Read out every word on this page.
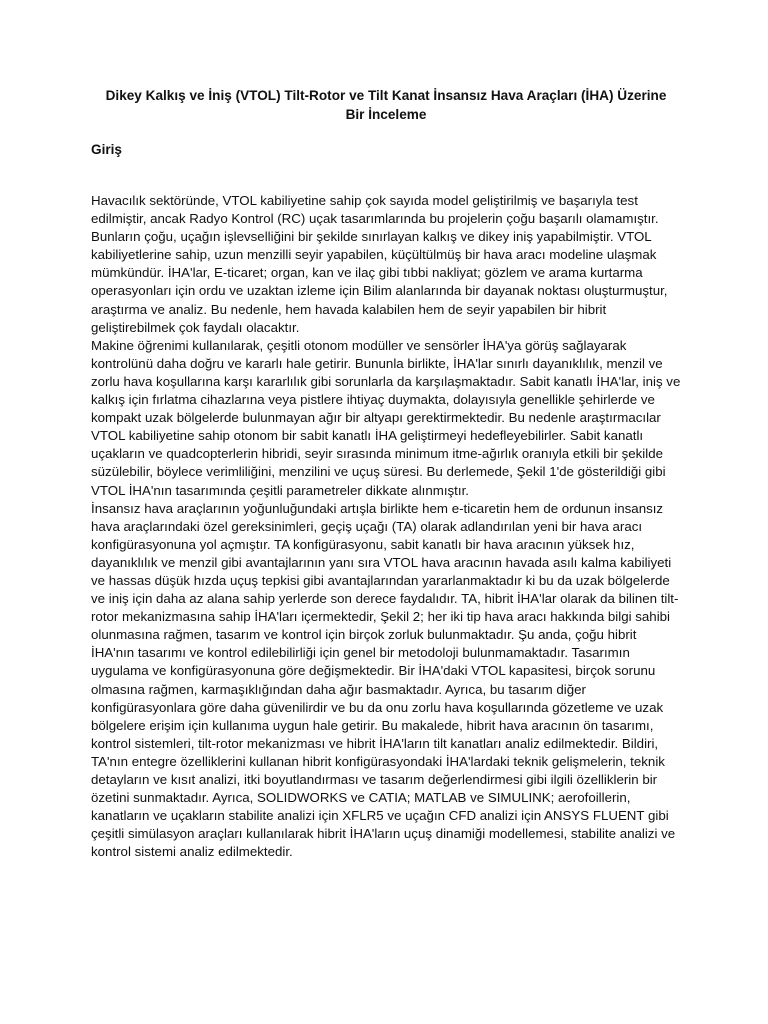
Dikey Kalkış ve İniş (VTOL) Tilt-Rotor ve Tilt Kanat İnsansız Hava Araçları (İHA) Üzerine Bir İnceleme
Giriş

Havacılık sektöründe, VTOL kabiliyetine sahip çok sayıda model geliştirilmiş ve başarıyla test edilmiştir, ancak Radyo Kontrol (RC) uçak tasarımlarında bu projelerin çoğu başarılı olamamıştır. Bunların çoğu, uçağın işlevselliğini bir şekilde sınırlayan kalkış ve dikey iniş yapabilmiştir. VTOL kabiliyetlerine sahip, uzun menzilli seyir yapabilen, küçültülmüş bir hava aracı modeline ulaşmak mümkündür. İHA'lar, E-ticaret; organ, kan ve ilaç gibi tıbbi nakliyat; gözlem ve arama kurtarma operasyonları için ordu ve uzaktan izleme için Bilim alanlarında bir dayanak noktası oluşturmuştur,

araştırma ve analiz. Bu nedenle, hem havada kalabilen hem de seyir yapabilen bir hibrit geliştirebilmek çok faydalı olacaktır.

Makine öğrenimi kullanılarak, çeşitli otonom modüller ve sensörler İHA'ya görüş sağlayarak kontrolünü daha doğru ve kararlı hale getirir. Bununla birlikte, İHA'lar sınırlı dayanıklılık, menzil ve zorlu hava koşullarına karşı kararlılık gibi sorunlarla da karşılaşmaktadır. Sabit kanatlı İHA'lar, iniş ve kalkış için fırlatma cihazlarına veya pistlere ihtiyaç duymakta, dolayısıyla genellikle şehirlerde ve kompakt uzak bölgelerde bulunmayan ağır bir altyapı gerektirmektedir. Bu nedenle araştırmacılar VTOL kabiliyetine sahip otonom bir sabit kanatlı İHA geliştirmeyi hedefleyebilirler. Sabit kanatlı uçakların ve quadcopterlerin hibridi, seyir sırasında minimum itme-ağırlık oranıyla etkili bir şekilde süzülebilir, böylece verimliliğini, menzilini ve uçuş süresi. Bu derlemede, Şekil 1'de gösterildiği gibi VTOL İHA'nın tasarımında çeşitli parametreler dikkate alınmıştır.

İnsansız hava araçlarının yoğunluğundaki artışla birlikte hem e-ticaretin hem de ordunun insansız hava araçlarındaki özel gereksinimleri, geçiş uçağı (TA) olarak adlandırılan yeni bir hava aracı konfigürasyonuna yol açmıştır. TA konfigürasyonu, sabit kanatlı bir hava aracının yüksek hız, dayanıklılık ve menzil gibi avantajlarının yanı sıra VTOL hava aracının havada asılı kalma kabiliyeti ve hassas düşük hızda uçuş tepkisi gibi avantajlarından yararlanmaktadır ki bu da uzak bölgelerde ve iniş için daha az alana sahip yerlerde son derece faydalıdır. TA, hibrit İHA'lar olarak da bilinen tilt-rotor mekanizmasına sahip İHA'ları içermektedir, Şekil 2; her iki tip hava aracı hakkında bilgi sahibi olunmasına rağmen, tasarım ve kontrol için birçok zorluk bulunmaktadır. Şu anda, çoğu hibrit İHA'nın tasarımı ve kontrol edilebilirliği için genel bir metodoloji bulunmamaktadır. Tasarımın uygulama ve konfigürasyonuna göre değişmektedir. Bir İHA'daki VTOL kapasitesi, birçok sorunu olmasına rağmen, karmaşıklığından daha ağır basmaktadır. Ayrıca, bu tasarım diğer konfigürasyonlara göre daha güvenilirdir ve bu da onu zorlu hava koşullarında gözetleme ve uzak bölgelere erişim için kullanıma uygun hale getirir. Bu makalede, hibrit hava aracının ön tasarımı, kontrol sistemleri, tilt-rotor mekanizması ve hibrit İHA'ların tilt kanatları analiz edilmektedir. Bildiri, TA'nın entegre özelliklerini kullanan hibrit konfigürasyondaki İHA'lardaki teknik gelişmelerin, teknik detayların ve kısıt analizi, itki boyutlandırması ve tasarım değerlendirmesi gibi ilgili özelliklerin bir özetini sunmaktadır. Ayrıca, SOLIDWORKS ve CATIA; MATLAB ve SIMULINK; aerofoillerin, kanatların ve uçakların stabilite analizi için XFLR5 ve uçağın CFD analizi için ANSYS FLUENT gibi çeşitli simülasyon araçları kullanılarak hibrit İHA'ların uçuş dinamiği modellemesi, stabilite analizi ve kontrol sistemi analiz edilmektedir.
